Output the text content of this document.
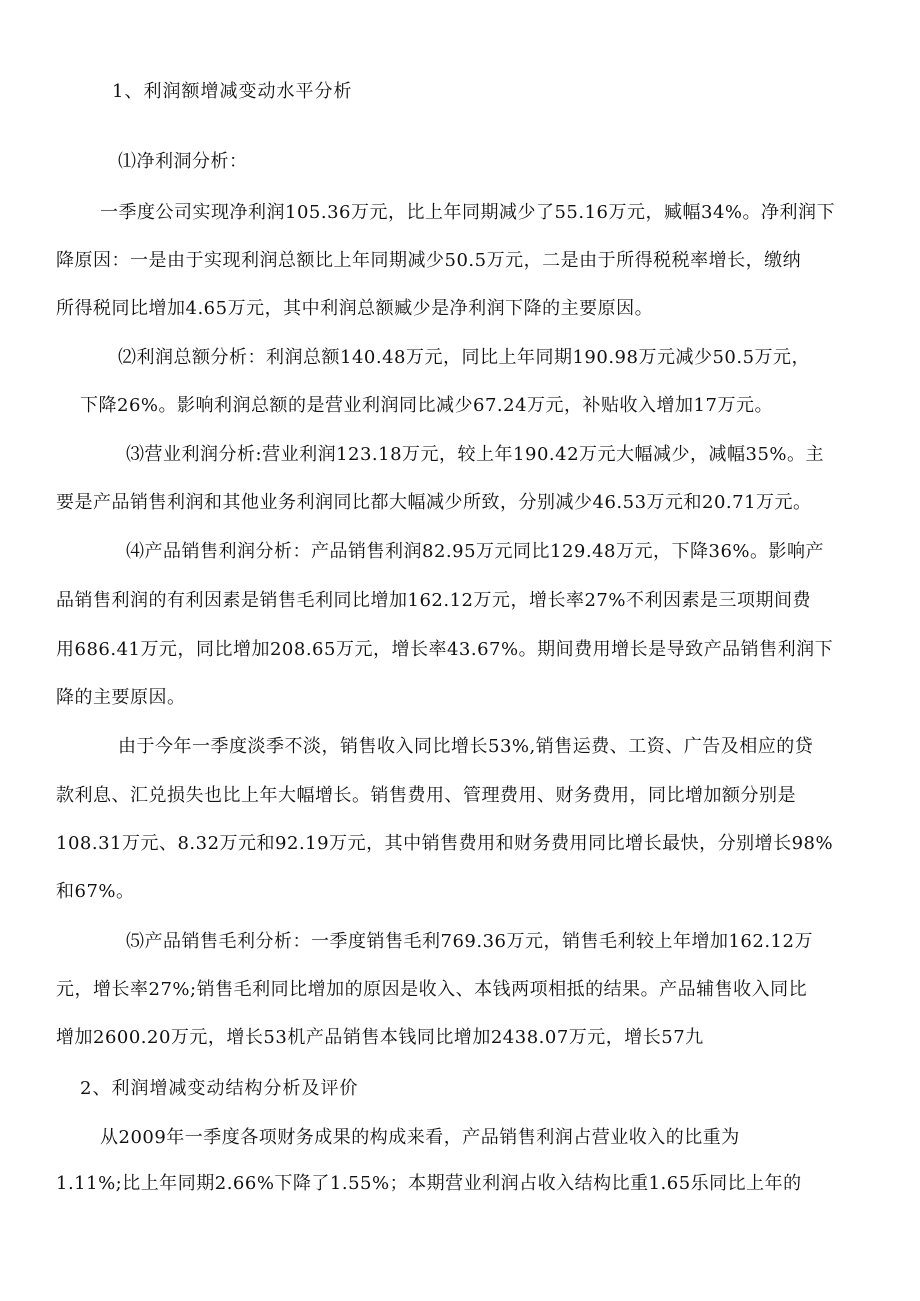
1、利润额增减变动水平分析
⑴净利洞分析：
一季度公司实现净利润105.36万元，比上年同期减少了55.16万元，臧幅34%。净利润下
降原因：一是由于实现利润总额比上年同期减少50.5万元，二是由于所得税税率增长，缴纳
所得税同比增加4.65万元，其中利润总额臧少是净利润下降的主要原因。
⑵利润总额分析：利润总额140.48万元，同比上年同期190.98万元减少50.5万元，
下降26%。影响利润总额的是营业利润同比减少67.24万元，补贴收入增加17万元。
⑶营业利润分析:营业利润123.18万元，较上年190.42万元大幅减少，减幅35%。主
要是产品销售利润和其他业务利润同比都大幅减少所致，分别减少46.53万元和20.71万元。
⑷产品销售利润分析：产品销售利润82.95万元同比129.48万元，下降36%。影响产
品销售利润的有利因素是销售毛利同比增加162.12万元，增长率27%不利因素是三项期间费
用686.41万元，同比增加208.65万元，增长率43.67%。期间费用增长是导致产品销售利润下
降的主要原因。
由于今年一季度淡季不淡，销售收入同比增长53%,销售运费、工资、广告及相应的贷
款利息、汇兑损失也比上年大幅增长。销售费用、管理费用、财务费用，同比增加额分别是
108.31万元、8.32万元和92.19万元，其中销售费用和财务费用同比增长最快，分别增长98%
和67%。
⑸产品销售毛利分析：一季度销售毛利769.36万元，销售毛利较上年增加162.12万
元，增长率27%;销售毛利同比增加的原因是收入、本钱两项相抵的结果。产品辅售收入同比
增加2600.20万元，增长53机产品销售本钱同比增加2438.07万元，增长57九
2、利润增减变动结构分析及评价
从2009年一季度各项财务成果的构成来看，产品销售利润占营业收入的比重为
1.11%;比上年同期2.66%下降了1.55%；本期营业利润占收入结构比重1.65乐同比上年的
